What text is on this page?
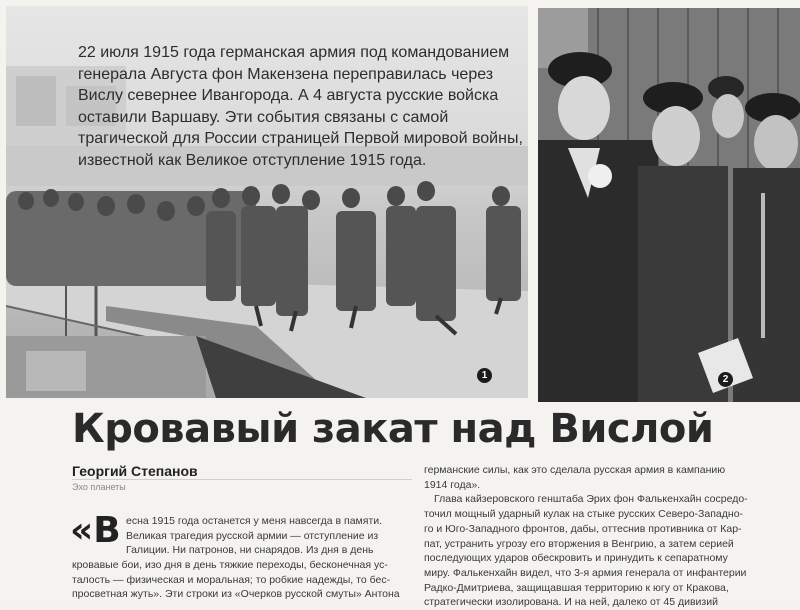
22 июля 1915 года германская армия под командованием генерала Августа фон Макензена переправилась через Вислу севернее Ивангорода. А 4 августа русские войска оставили Варшаву. Эти события связаны с самой трагической для России страницей Первой мировой войны, известной как Великое отступление 1915 года.
1	2
Кровавый закат над Вислой
Георгий Степанов
Эхо планеты
«В есна 1915 года останется у меня навсегда в памяти.
Великая трагедия русской армии — отступление из
Галиции. Ни патронов, ни снарядов. Из дня в день
кровавые бои, изо дня в день тяжкие переходы, бесконечная ус-
талость — физическая и моральная; то робкие надежды, то бес-
просветная жуть». Эти строки из «Очерков русской смуты» Антона
германские силы, как это сделала русская армия в кампанию
1914 года».
Глава кайзеровского генштаба Эрих фон Фалькенхайн сосредо-
точил мощный ударный кулак на стыке русских Северо-Западно-
го и Юго-Западного фронтов, дабы, оттеснив противника от Кар-
пат, устранить угрозу его вторжения в Венгрию, а затем серией
последующих ударов обескровить и принудить к сепаратному
миру. Фалькенхайн видел, что 3-я армия генерала от инфантерии
Радко-Дмитриева, защищавшая территорию к югу от Кракова,
стратегически изолирована. И на ней, далеко от 45 дивизий
